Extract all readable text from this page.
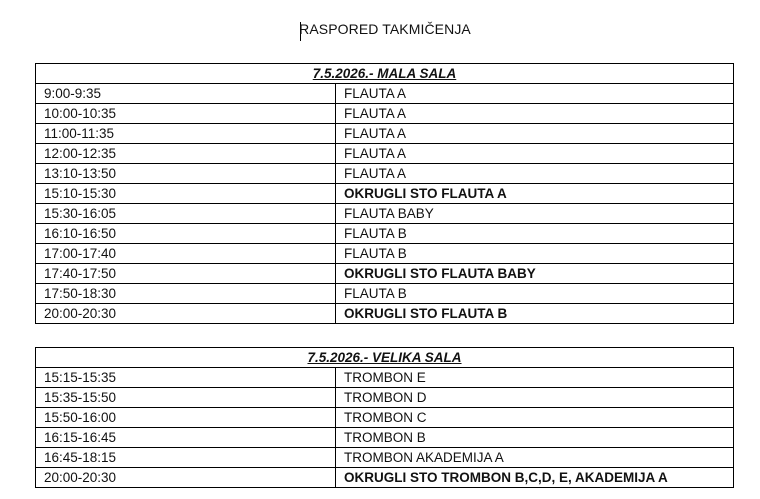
RASPORED TAKMIČENJA
7.5.2026.- MALA SALA	
9:00-9:35	FLAUTA A
10:00-10:35	FLAUTA A
11:00-11:35	FLAUTA A
12:00-12:35	FLAUTA A
13:10-13:50	FLAUTA A
15:10-15:30	OKRUGLI STO FLAUTA A
15:30-16:05	FLAUTA BABY
16:10-16:50	FLAUTA B
17:00-17:40	FLAUTA B
17:40-17:50	OKRUGLI STO FLAUTA BABY
17:50-18:30	FLAUTA B
20:00-20:30	OKRUGLI STO FLAUTA B
7.5.2026.- VELIKA SALA	
15:15-15:35	TROMBON E
15:35-15:50	TROMBON D
15:50-16:00	TROMBON C
16:15-16:45	TROMBON B
16:45-18:15	TROMBON AKADEMIJA A
20:00-20:30	OKRUGLI STO TROMBON B,C,D, E, AKADEMIJA A
